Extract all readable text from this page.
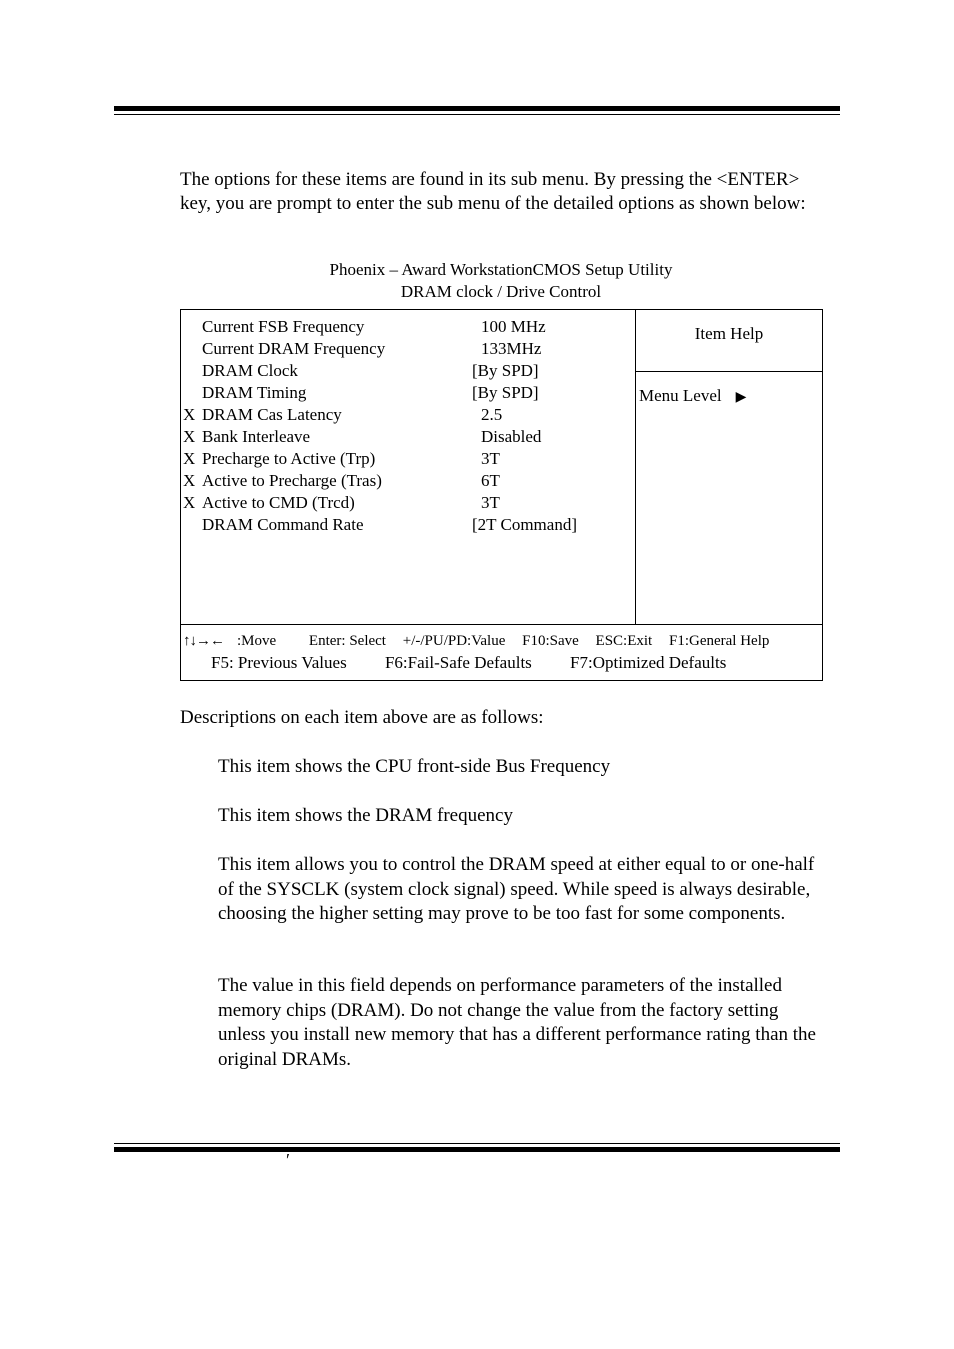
The options for these items are found in its sub menu. By pressing the <ENTER> key, you are prompt to enter the sub menu of the detailed options as shown below:
Phoenix – Award WorkstationCMOS Setup Utility
DRAM clock / Drive Control
Current FSB Frequency	100 MHz
Current DRAM Frequency	133MHz
DRAM Clock	[By SPD]
DRAM Timing	[By SPD]
X DRAM Cas Latency	2.5
X Bank Interleave	Disabled
X Precharge to Active (Trp)	3T
X Active to Precharge (Tras)	6T
X Active to CMD (Trcd)	3T
DRAM Command Rate	[2T Command]
Item Help
Menu Level ▶
↑↓→← :Move Enter: Select +/-/PU/PD:Value F10:Save ESC:Exit F1:General Help
F5: Previous Values F6:Fail-Safe Defaults F7:Optimized Defaults
Descriptions on each item above are as follows:
This item shows the CPU front-side Bus Frequency
This item shows the DRAM frequency
This item allows you to control the DRAM speed at either equal to or one-half of the SYSCLK (system clock signal) speed. While speed is always desirable, choosing the higher setting may prove to be too fast for some components.
The value in this field depends on performance parameters of the installed memory chips (DRAM). Do not change the value from the factory setting unless you install new memory that has a different performance rating than the original DRAMs.
′
